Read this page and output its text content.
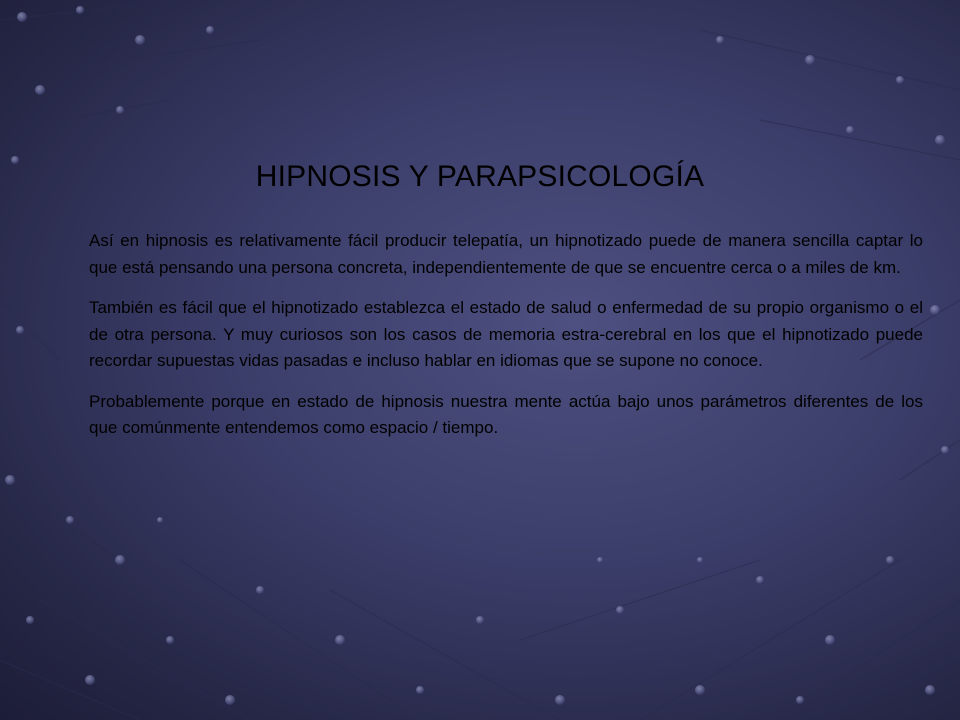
HIPNOSIS Y PARAPSICOLOGÍA

Así en hipnosis es relativamente fácil producir telepatía, un hipnotizado puede de manera sencilla captar lo que está pensando una persona concreta, independientemente de que se encuentre cerca o a miles de km.

También es fácil que el hipnotizado establezca el estado de salud o enfermedad de su propio organismo o el de otra persona. Y muy curiosos son los casos de memoria estra-cerebral en los que el hipnotizado puede recordar supuestas vidas pasadas e incluso hablar en idiomas que se supone no conoce.

Probablemente porque en estado de hipnosis nuestra mente actúa bajo unos parámetros diferentes de los que comúnmente entendemos como espacio / tiempo.
